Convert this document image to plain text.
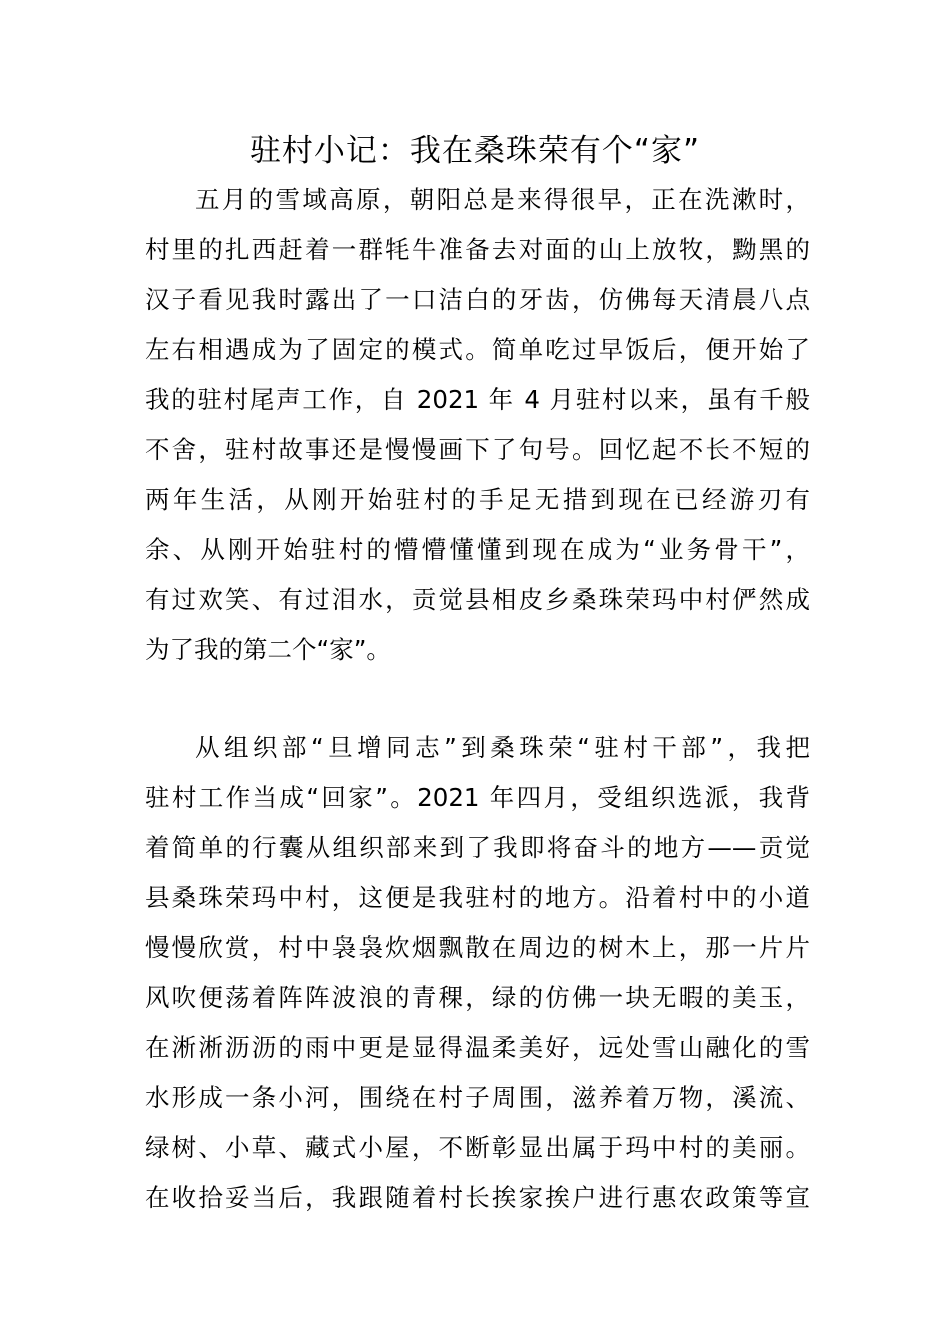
驻村小记：我在桑珠荣有个“家”
五月的雪域高原，朝阳总是来得很早，正在洗漱时，
村里的扎西赶着一群牦牛准备去对面的山上放牧，黝黑的
汉子看见我时露出了一口洁白的牙齿，仿佛每天清晨八点
左右相遇成为了固定的模式。简单吃过早饭后，便开始了
我的驻村尾声工作，自 2021 年 4 月驻村以来，虽有千般
不舍，驻村故事还是慢慢画下了句号。回忆起不长不短的
两年生活，从刚开始驻村的手足无措到现在已经游刃有
余、从刚开始驻村的懵懵懂懂到现在成为“业务骨干”，
有过欢笑、有过泪水，贡觉县相皮乡桑珠荣玛中村俨然成
为了我的第二个“家”。
从组织部“旦增同志”到桑珠荣“驻村干部”，我把
驻村工作当成“回家”。2021 年四月，受组织选派，我背
着简单的行囊从组织部来到了我即将奋斗的地方——贡觉
县桑珠荣玛中村，这便是我驻村的地方。沿着村中的小道
慢慢欣赏，村中袅袅炊烟飘散在周边的树木上，那一片片
风吹便荡着阵阵波浪的青稞，绿的仿佛一块无暇的美玉，
在淅淅沥沥的雨中更是显得温柔美好，远处雪山融化的雪
水形成一条小河，围绕在村子周围，滋养着万物，溪流、
绿树、小草、藏式小屋，不断彰显出属于玛中村的美丽。
在收拾妥当后，我跟随着村长挨家挨户进行惠农政策等宣
